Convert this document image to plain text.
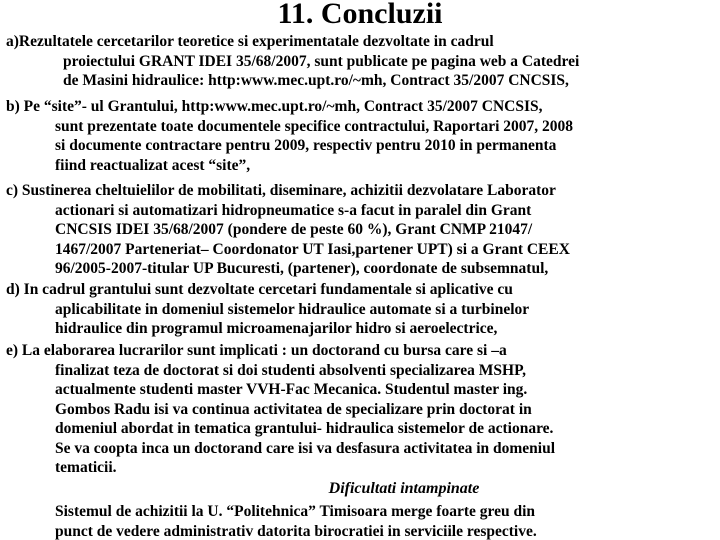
11. Concluzii

a)Rezultatele cercetarilor teoretice si experimentatale dezvoltate in cadrul
proiectului GRANT IDEI 35/68/2007, sunt publicate pe pagina web a Catedrei
de Masini hidraulice: http:www.mec.upt.ro/~mh, Contract 35/2007 CNCSIS,

b) Pe “site”- ul Grantului, http:www.mec.upt.ro/~mh, Contract 35/2007 CNCSIS,
sunt prezentate toate documentele specifice contractului, Raportari 2007, 2008
si documente contractare pentru 2009, respectiv pentru 2010 in permanenta
fiind reactualizat acest “site”,

c) Sustinerea cheltuielilor de mobilitati, diseminare, achizitii dezvolatare Laborator
actionari si automatizari hidropneumatice s-a facut in paralel din Grant
CNCSIS IDEI 35/68/2007 (pondere de peste 60 %), Grant CNMP 21047/
1467/2007 Parteneriat– Coordonator UT Iasi,partener UPT) si a Grant CEEX
96/2005-2007-titular UP Bucuresti, (partener), coordonate de subsemnatul,

d) In cadrul grantului sunt dezvoltate cercetari fundamentale si aplicative cu
aplicabilitate in domeniul sistemelor hidraulice automate si a turbinelor
hidraulice din programul microamenajarilor hidro si aeroelectrice,

e) La elaborarea lucrarilor sunt implicati : un doctorand cu bursa care si –a
finalizat teza de doctorat si doi studenti absolventi specializarea MSHP,
actualmente studenti master VVH-Fac Mecanica. Studentul master ing.
Gombos Radu isi va continua activitatea de specializare prin doctorat in
domeniul abordat in tematica grantului- hidraulica sistemelor de actionare.
Se va coopta inca un doctorand care isi va desfasura activitatea in domeniul
tematicii.

Dificultati intampinate
Sistemul de achizitii la U. “Politehnica” Timisoara merge foarte greu din
punct de vedere administrativ datorita birocratiei in serviciile respective.
